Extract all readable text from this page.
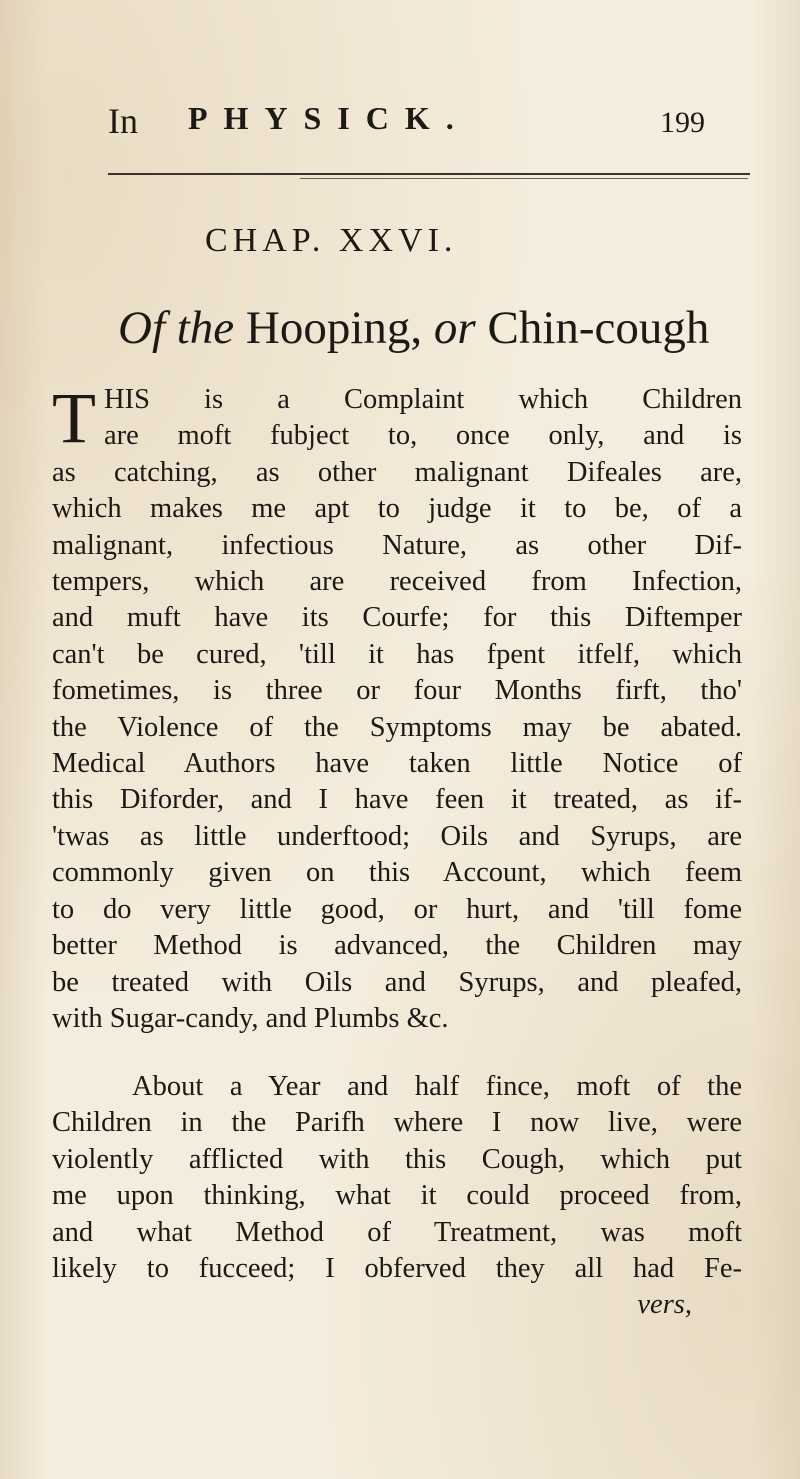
In PHYSICK.	199
CHAP. XXVI.
Of the Hooping, or Chin-cough
T HIS is a Complaint which Children
are moft fubject to, once only, and is
as catching, as other malignant Difeales are,
which makes me apt to judge it to be, of a
malignant, infectious Nature, as other Dif-
tempers, which are received from Infection,
and muft have its Courfe; for this Diftemper
can't be cured, 'till it has fpent itfelf, which
fometimes, is three or four Months firft, tho'
the Violence of the Symptoms may be abated.
Medical Authors have taken little Notice of
this Diforder, and I have feen it treated, as if-
'twas as little underftood; Oils and Syrups, are
commonly given on this Account, which feem
to do very little good, or hurt, and 'till fome
better Method is advanced, the Children may
be treated with Oils and Syrups, and pleafed,
with Sugar-candy, and Plumbs &c.
About a Year and half fince, moft of the
Children in the Parifh where I now live, were
violently afflicted with this Cough, which put
me upon thinking, what it could proceed from,
and what Method of Treatment, was moft
likely to fucceed; I obferved they all had Fe-
vers,
